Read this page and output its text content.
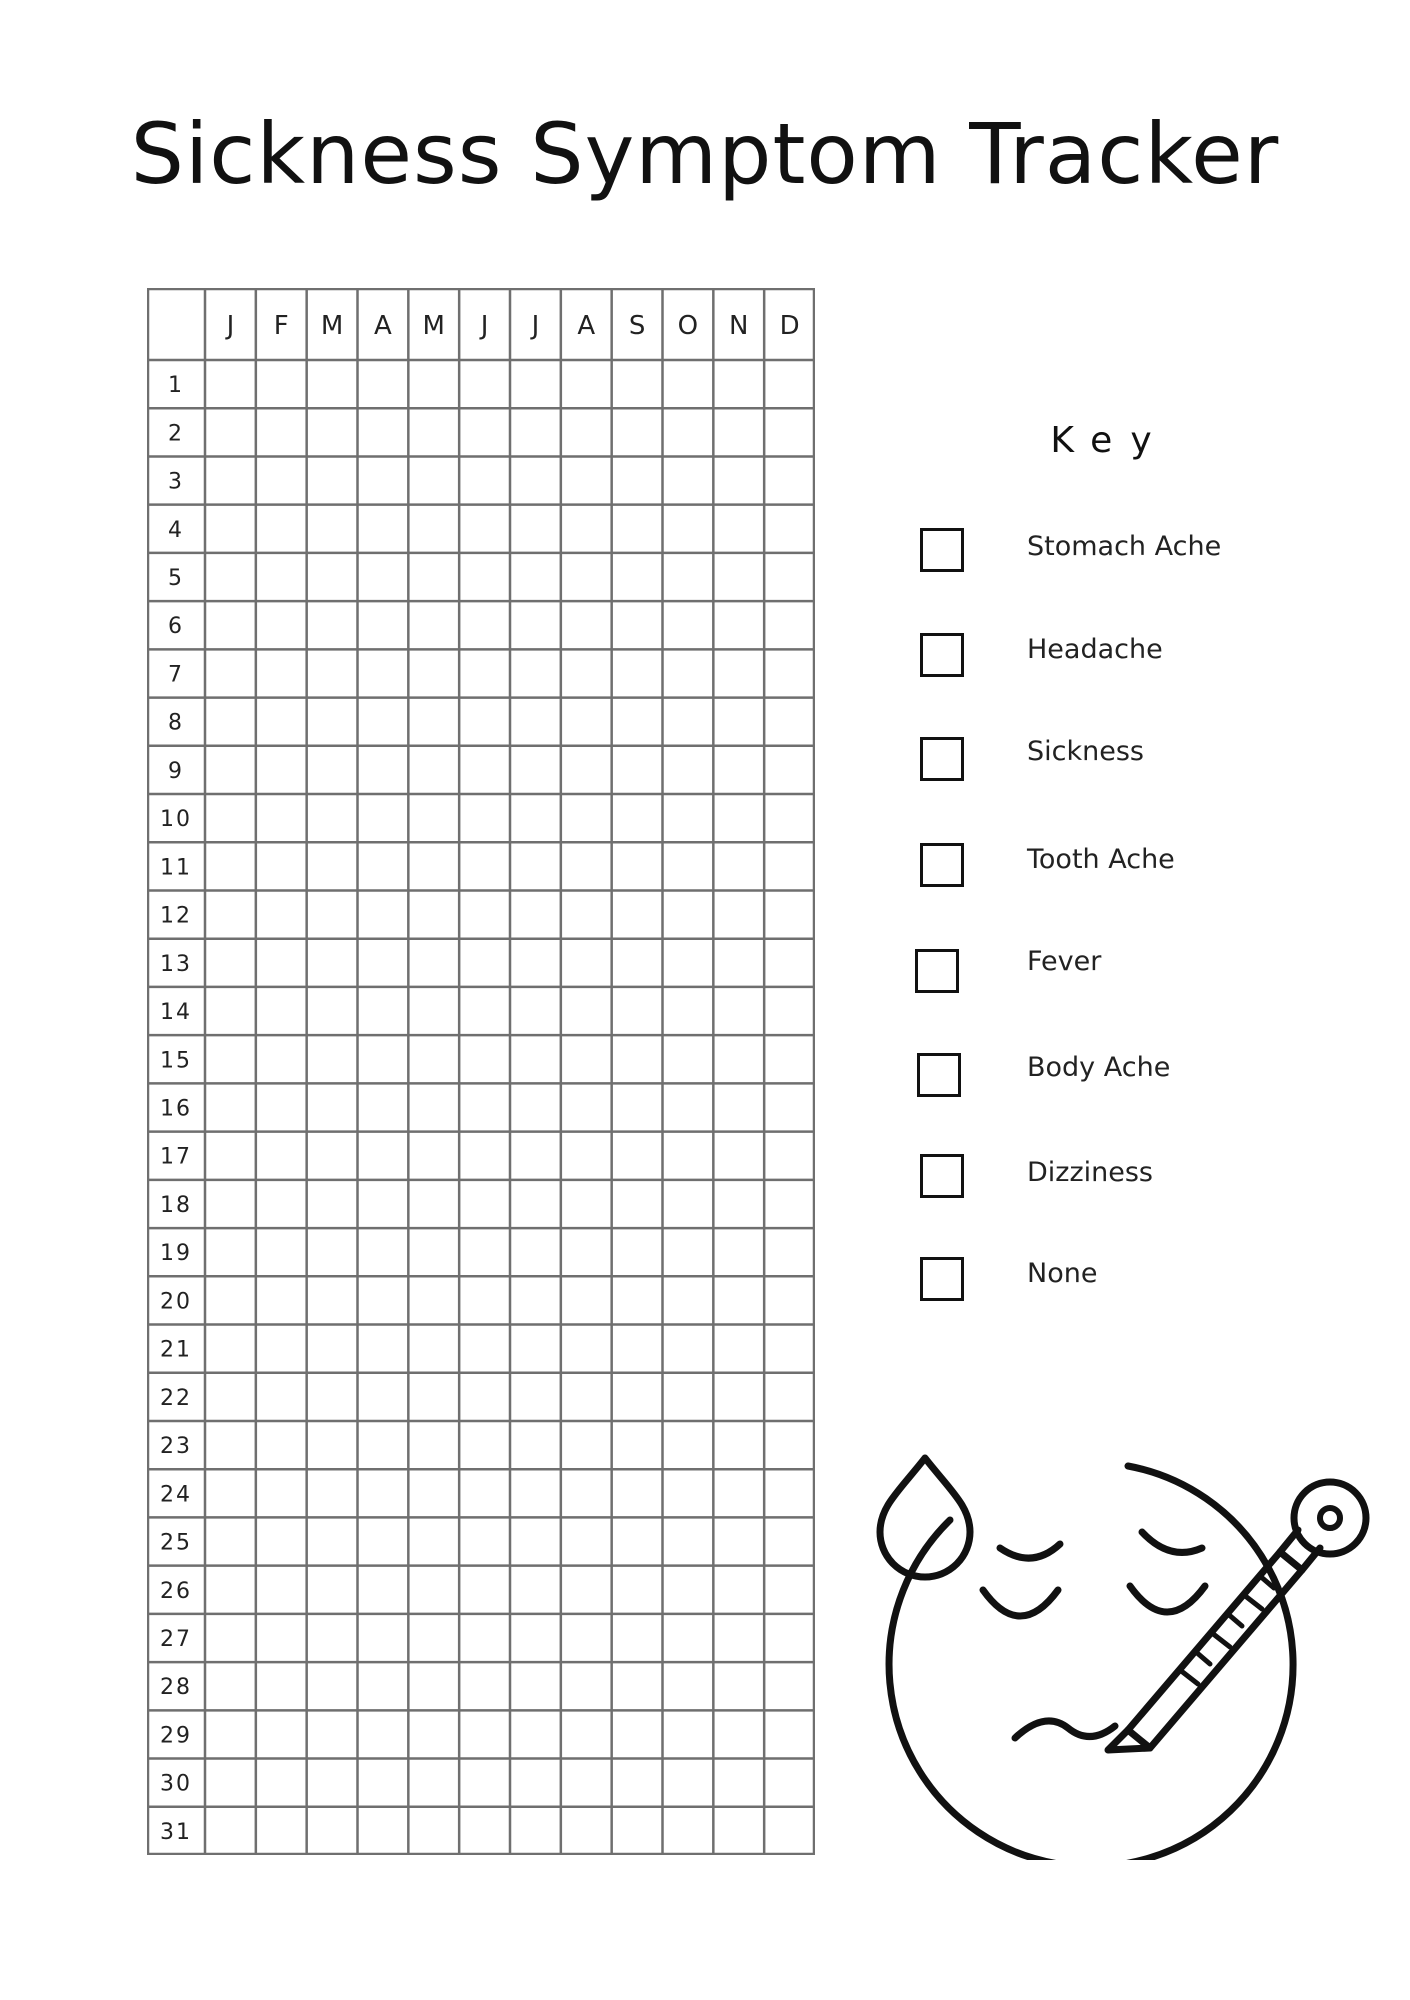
Sickness Symptom Tracker
J F M A M J J A S O N D
1
2
3
4
5
6
7
8
9
10
11
12
13
14
15
16
17
18
19
20
21
22
23
24
25
26
27
28
29
30
31
Key
Stomach Ache
Headache
Sickness
Tooth Ache
Fever
Body Ache
Dizziness
None
